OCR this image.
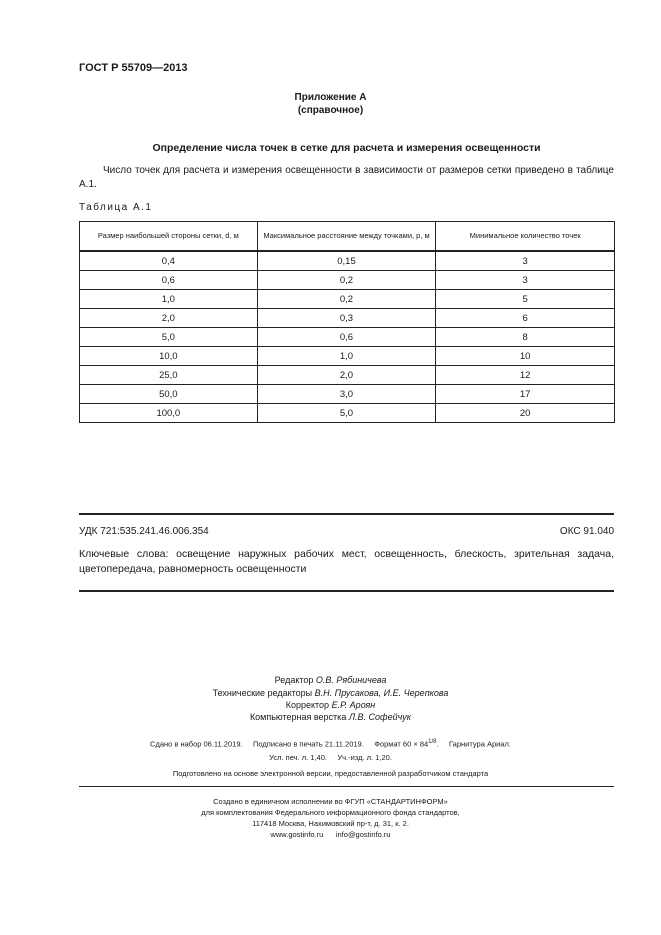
ГОСТ Р 55709—2013
Приложение А
(справочное)
Определение числа точек в сетке для расчета и измерения освещенности
Число точек для расчета и измерения освещенности в зависимости от размеров сетки приведено в таблице А.1.
Таблица А.1
Размер наибольшей стороны сетки, d, м	Максимальное расстояние между точками, p, м	Минимальное количество точек
0,4	0,15	3
0,6	0,2	3
1,0	0,2	5
2,0	0,3	6
5,0	0,6	8
10,0	1,0	10
25,0	2,0	12
50,0	3,0	17
100,0	5,0	20
УДК 721:535.241.46.006.354	ОКС 91.040
Ключевые слова: освещение наружных рабочих мест, освещенность, блескость, зрительная задача, цветопередача, равномерность освещенности
Редактор О.В. Рябиничева
Технические редакторы В.Н. Прусакова, И.Е. Черепкова
Корректор Е.Р. Ароян
Компьютерная верстка Л.В. Софейчук
Сдано в набор 06.11.2019.     Подписано в печать 21.11.2019.     Формат $60 \times 84^{1/8}$.     Гарнитура Ариал.
Усл. печ. л. 1,40.     Уч.-изд. л. 1,20.
Подготовлено на основе электронной версии, предоставленной разработчиком стандарта
Создано в единичном исполнении во ФГУП «СТАНДАРТИНФОРМ»
для комплектования Федерального информационного фонда стандартов,
117418 Москва, Нахимовский пр-т, д. 31, к. 2.
www.gostinfo.ru      info@gostinfo.ru
